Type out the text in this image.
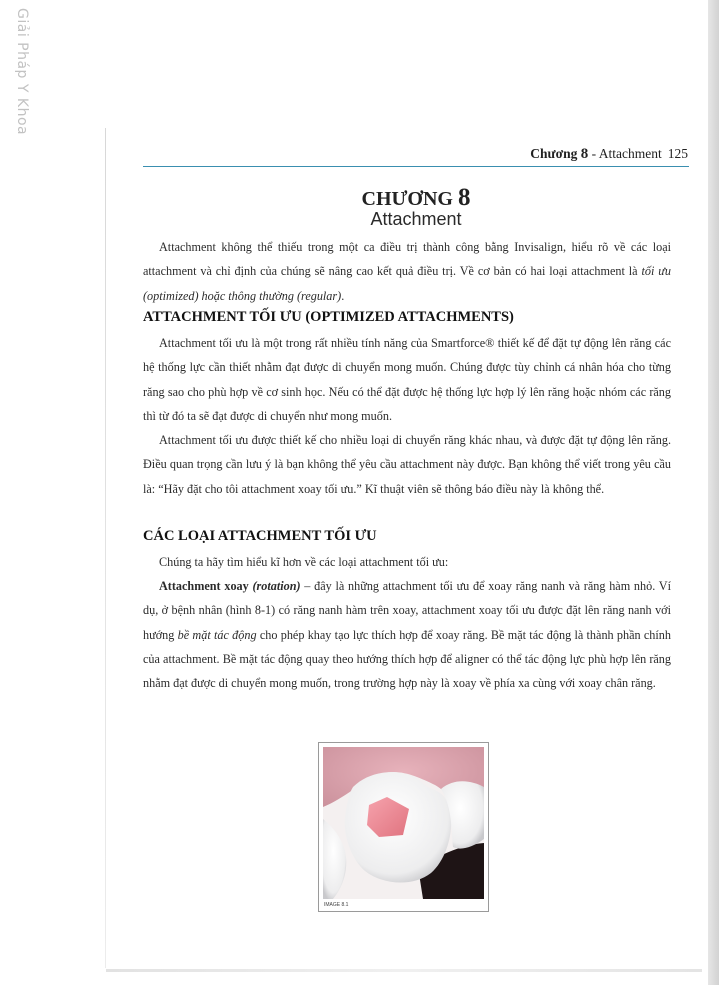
Giải Pháp Y Khoa
Chương 8 - Attachment 125
CHƯƠNG 8
Attachment

Attachment không thể thiếu trong một ca điều trị thành công bằng Invisalign, hiểu rõ về các loại attachment và chỉ định của chúng sẽ nâng cao kết quả điều trị. Về cơ bản có hai loại attachment là tối ưu (optimized) hoặc thông thường (regular).

ATTACHMENT TỐI ƯU (OPTIMIZED ATTACHMENTS)

Attachment tối ưu là một trong rất nhiều tính năng của Smartforce® thiết kế để đặt tự động lên răng các hệ thống lực cần thiết nhằm đạt được di chuyển mong muốn. Chúng được tùy chỉnh cá nhân hóa cho từng răng sao cho phù hợp về cơ sinh học. Nếu có thể đặt được hệ thống lực hợp lý lên răng hoặc nhóm các răng thì từ đó ta sẽ đạt được di chuyển như mong muốn.

Attachment tối ưu được thiết kế cho nhiều loại di chuyển răng khác nhau, và được đặt tự động lên răng. Điều quan trọng cần lưu ý là bạn không thể yêu cầu attachment này được. Bạn không thể viết trong yêu cầu là: “Hãy đặt cho tôi attachment xoay tối ưu.” Kĩ thuật viên sẽ thông báo điều này là không thể.

CÁC LOẠI ATTACHMENT TỐI ƯU

Chúng ta hãy tìm hiểu kĩ hơn về các loại attachment tối ưu:

Attachment xoay (rotation) – đây là những attachment tối ưu để xoay răng nanh và răng hàm nhỏ. Ví dụ, ở bệnh nhân (hình 8-1) có răng nanh hàm trên xoay, attachment xoay tối ưu được đặt lên răng nanh với hướng bề mặt tác động cho phép khay tạo lực thích hợp để xoay răng. Bề mặt tác động là thành phần chính của attachment. Bề mặt tác động quay theo hướng thích hợp để aligner có thể tác động lực phù hợp lên răng nhằm đạt được di chuyển mong muốn, trong trường hợp này là xoay về phía xa cùng với xoay chân răng.

IMAGE 8.1
